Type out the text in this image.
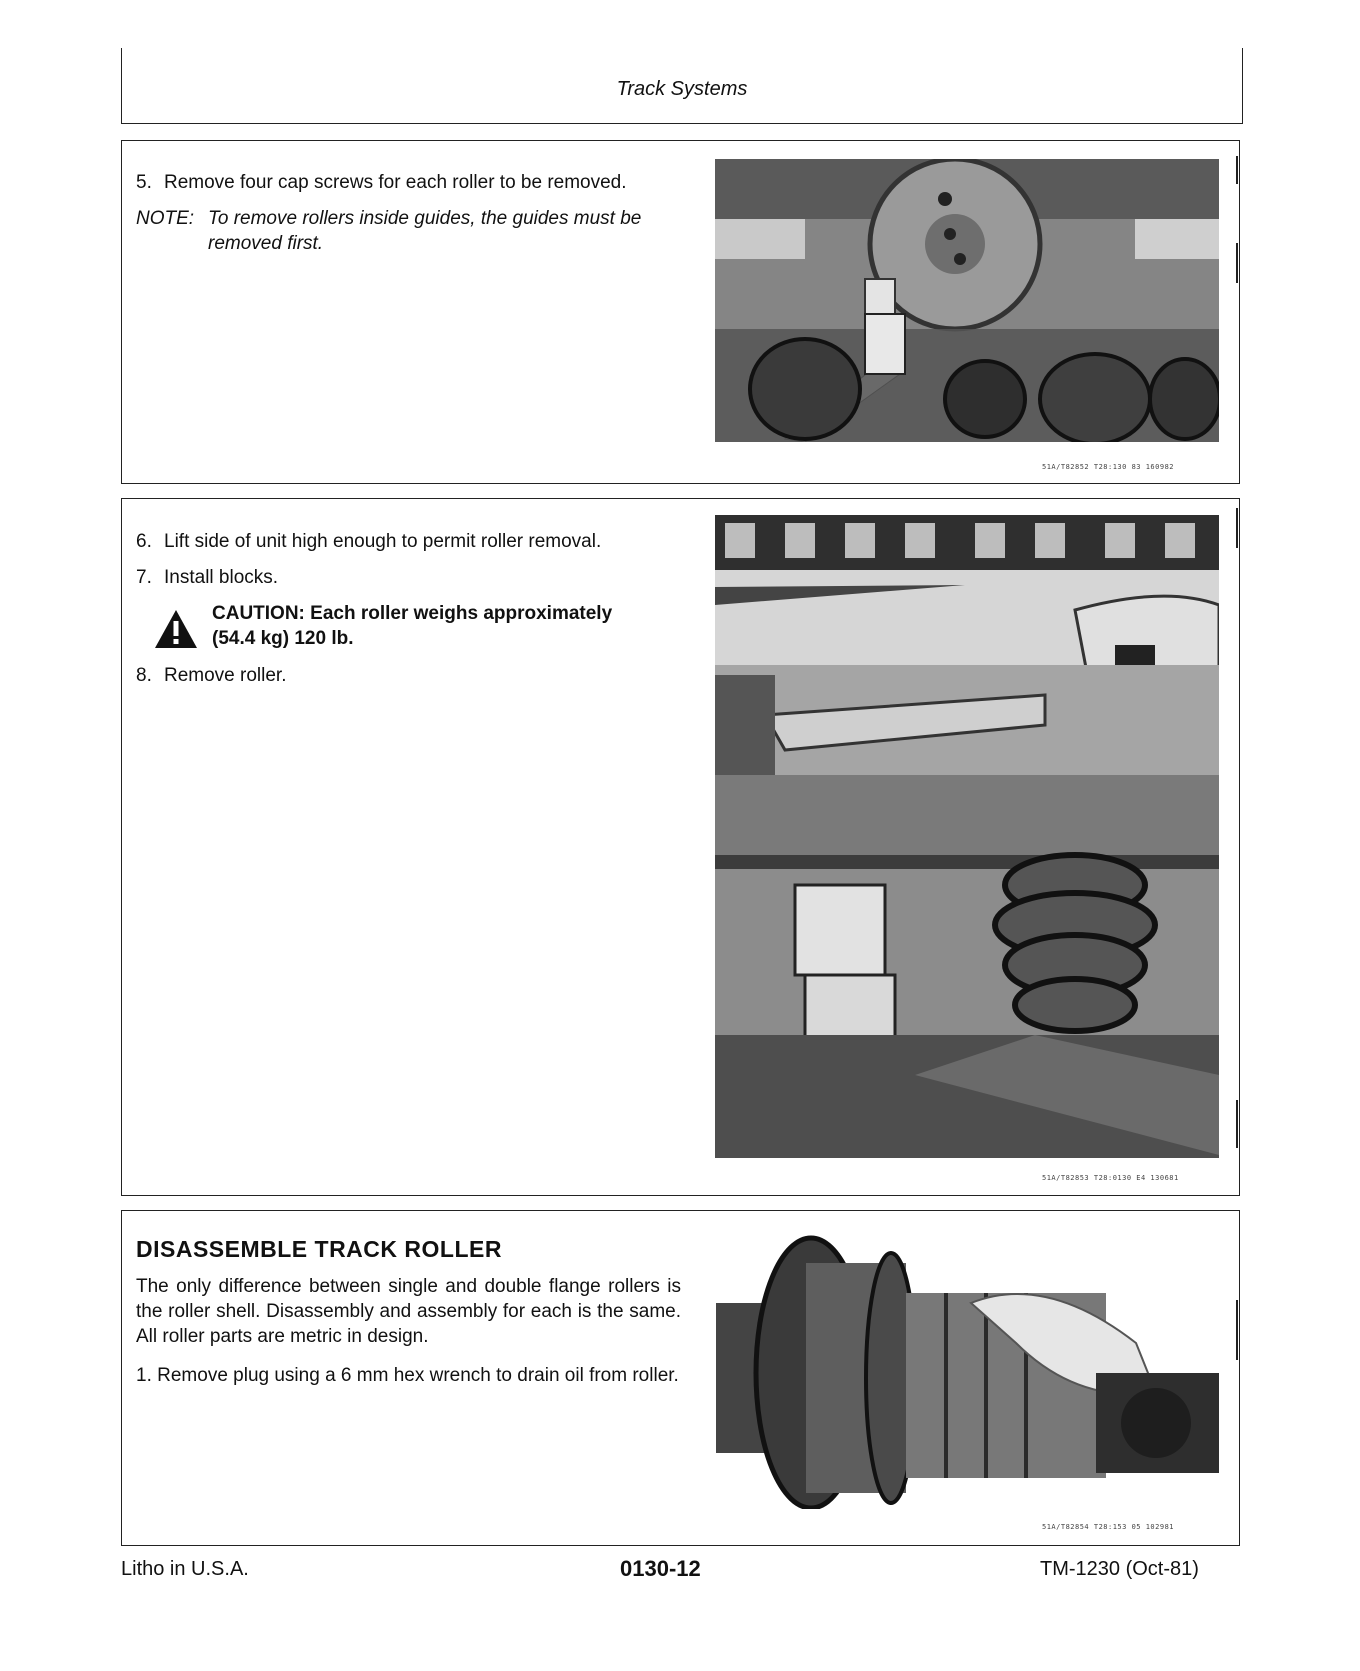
Track Systems

5. Remove four cap screws for each roller to be removed.

NOTE: To remove rollers inside guides, the guides must be
removed first.

51A/T82852 T28:130 83 160982

6. Lift side of unit high enough to permit roller removal.

7. Install blocks.

CAUTION: Each roller weighs approximately
(54.4 kg) 120 lb.

8. Remove roller.

51A/T82853 T28:0130 E4 130681

DISASSEMBLE TRACK ROLLER

The only difference between single and double flange rollers is the roller shell. Disassembly and assembly for each is the same. All roller parts are metric in design.

1. Remove plug using a 6 mm hex wrench to drain oil from roller.

51A/T82854 T28:153 05 102981
Litho in U.S.A.	0130-12	TM-1230 (Oct-81)
